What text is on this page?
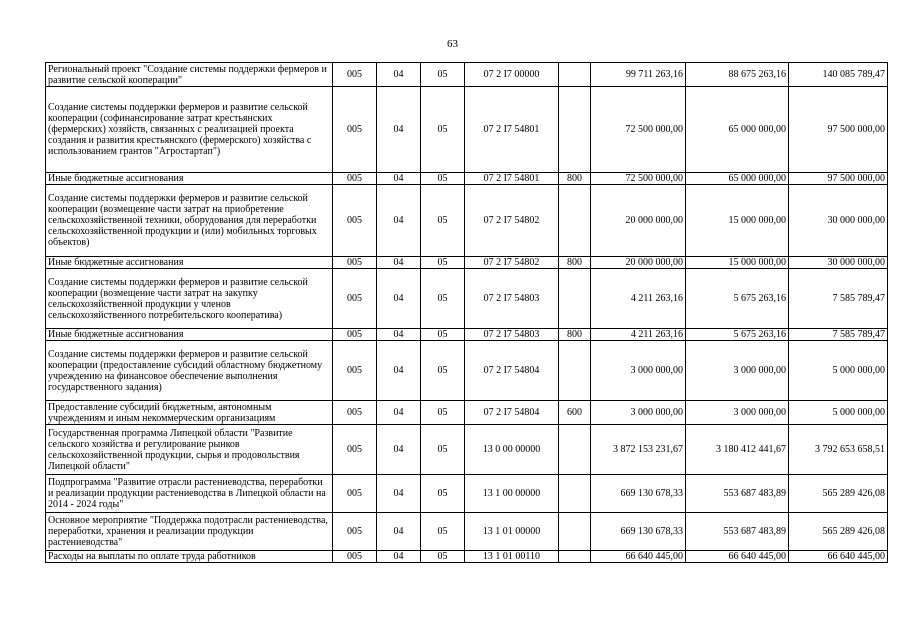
63
Региональный проект "Создание системы поддержки фермеров и развитие сельской кооперации"	005	04	05	07 2 I7 00000		99 711 263,16	88 675 263,16	140 085 789,47
Создание системы поддержки фермеров и развитие сельской кооперации (софинансирование затрат крестьянских (фермерских) хозяйств, связанных с реализацией проекта создания и развития крестьянского (фермерского) хозяйства с использованием грантов "Агростартап")	005	04	05	07 2 I7 54801		72 500 000,00	65 000 000,00	97 500 000,00
Иные бюджетные ассигнования	005	04	05	07 2 I7 54801	800	72 500 000,00	65 000 000,00	97 500 000,00
Создание системы поддержки фермеров и развитие сельской кооперации (возмещение части затрат на приобретение сельскохозяйственной техники, оборудования для переработки сельскохозяйственной продукции и (или) мобильных торговых объектов)	005	04	05	07 2 I7 54802		20 000 000,00	15 000 000,00	30 000 000,00
Иные бюджетные ассигнования	005	04	05	07 2 I7 54802	800	20 000 000,00	15 000 000,00	30 000 000,00
Создание системы поддержки фермеров и развитие сельской кооперации (возмещение части затрат на закупку сельскохозяйственной продукции у членов сельскохозяйственного потребительского кооператива)	005	04	05	07 2 I7 54803		4 211 263,16	5 675 263,16	7 585 789,47
Иные бюджетные ассигнования	005	04	05	07 2 I7 54803	800	4 211 263,16	5 675 263,16	7 585 789,47
Создание системы поддержки фермеров и развитие сельской кооперации (предоставление субсидий областному бюджетному учреждению на финансовое обеспечение выполнения государственного задания)	005	04	05	07 2 I7 54804		3 000 000,00	3 000 000,00	5 000 000,00
Предоставление субсидий бюджетным, автономным учреждениям и иным некоммерческим организациям	005	04	05	07 2 I7 54804	600	3 000 000,00	3 000 000,00	5 000 000,00
Государственная программа Липецкой области "Развитие сельского хозяйства и регулирование рынков сельскохозяйственной продукции, сырья и продовольствия Липецкой области"	005	04	05	13 0 00 00000		3 872 153 231,67	3 180 412 441,67	3 792 653 658,51
Подпрограмма "Развитие отрасли растениеводства, переработки и реализации продукции растениеводства в Липецкой области на 2014 - 2024 годы"	005	04	05	13 1 00 00000		669 130 678,33	553 687 483,89	565 289 426,08
Основное мероприятие "Поддержка подотрасли растениеводства, переработки, хранения и реализации продукции растениеводства"	005	04	05	13 1 01 00000		669 130 678,33	553 687 483,89	565 289 426,08
Расходы на выплаты по оплате труда работников	005	04	05	13 1 01 00110		66 640 445,00	66 640 445,00	66 640 445,00
